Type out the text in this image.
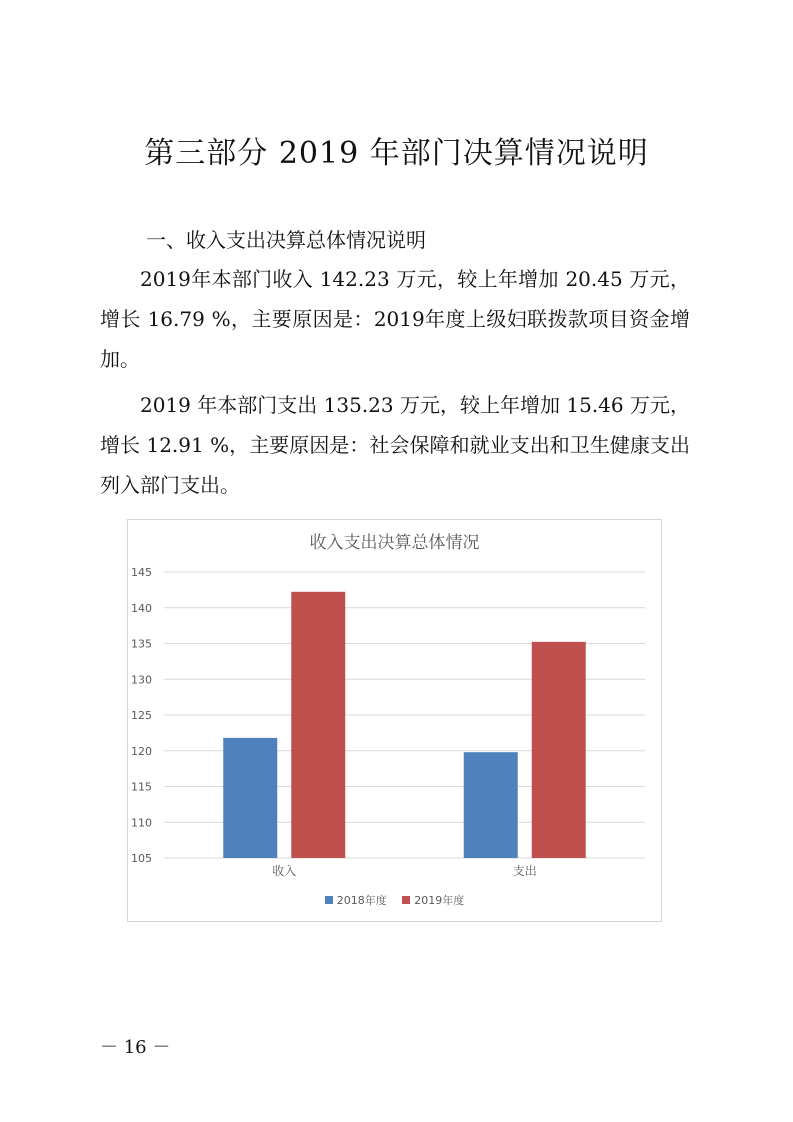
第三部分 2019 年部门决算情况说明
一、收入支出决算总体情况说明
2019年本部门收入 142.23 万元，较上年增加 20.45 万元，增长 16.79 %，主要原因是：2019年度上级妇联拨款项目资金增加。
2019 年本部门支出 135.23 万元，较上年增加 15.46 万元，增长 12.91 %，主要原因是：社会保障和就业支出和卫生健康支出列入部门支出。
105
110
115
120
125
130
135
140
145
收入	支出
收入支出决算总体情况
2018年度	2019年度
－ 16 －
